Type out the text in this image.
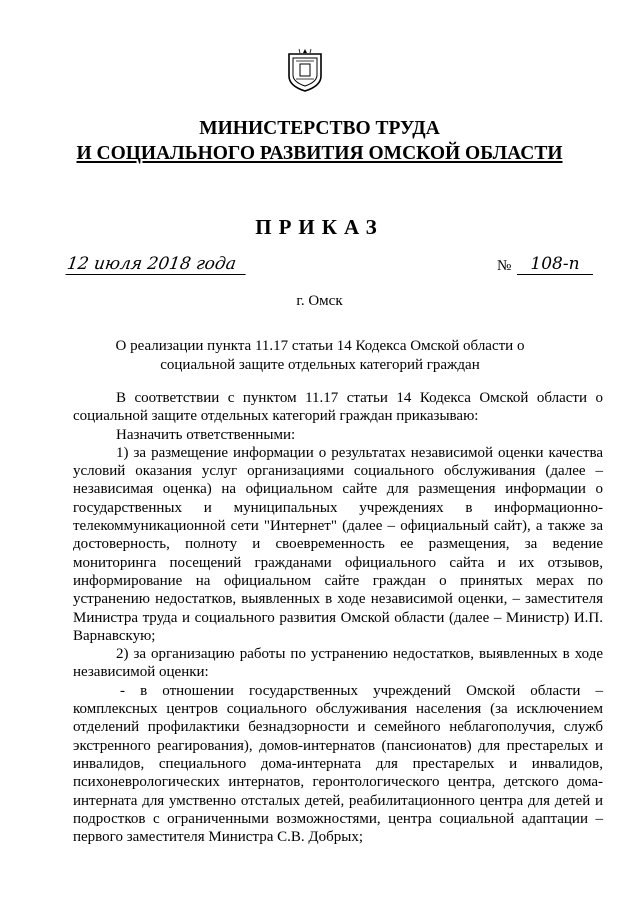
МИНИСТЕРСТВО ТРУДА
И СОЦИАЛЬНОГО РАЗВИТИЯ ОМСКОЙ ОБЛАСТИ
ПРИКАЗ
12 июля 2018 года	№	108-п
г. Омск
О реализации пункта 11.17 статьи 14 Кодекса Омской области о социальной защите отдельных категорий граждан

В соответствии с пунктом 11.17 статьи 14 Кодекса Омской области о социальной защите отдельных категорий граждан приказываю:

Назначить ответственными:

1) за размещение информации о результатах независимой оценки качества условий оказания услуг организациями социального обслуживания (далее – независимая оценка) на официальном сайте для размещения информации о государственных и муниципальных учреждениях в информационно-телекоммуникационной сети "Интернет" (далее – официальный сайт), а также за достоверность, полноту и своевременность ее размещения, за ведение мониторинга посещений гражданами официального сайта и их отзывов, информирование на официальном сайте граждан о принятых мерах по устранению недостатков, выявленных в ходе независимой оценки, – заместителя Министра труда и социального развития Омской области (далее – Министр) И.П. Варнавскую;

2) за организацию работы по устранению недостатков, выявленных в ходе независимой оценки:

- в отношении государственных учреждений Омской области – комплексных центров социального обслуживания населения (за исключением отделений профилактики безнадзорности и семейного неблагополучия, служб экстренного реагирования), домов-интернатов (пансионатов) для престарелых и инвалидов, специального дома-интерната для престарелых и инвалидов, психоневрологических интернатов, геронтологического центра, детского дома-интерната для умственно отсталых детей, реабилитационного центра для детей и подростков с ограниченными возможностями, центра социальной адаптации – первого заместителя Министра С.В. Добрых;
